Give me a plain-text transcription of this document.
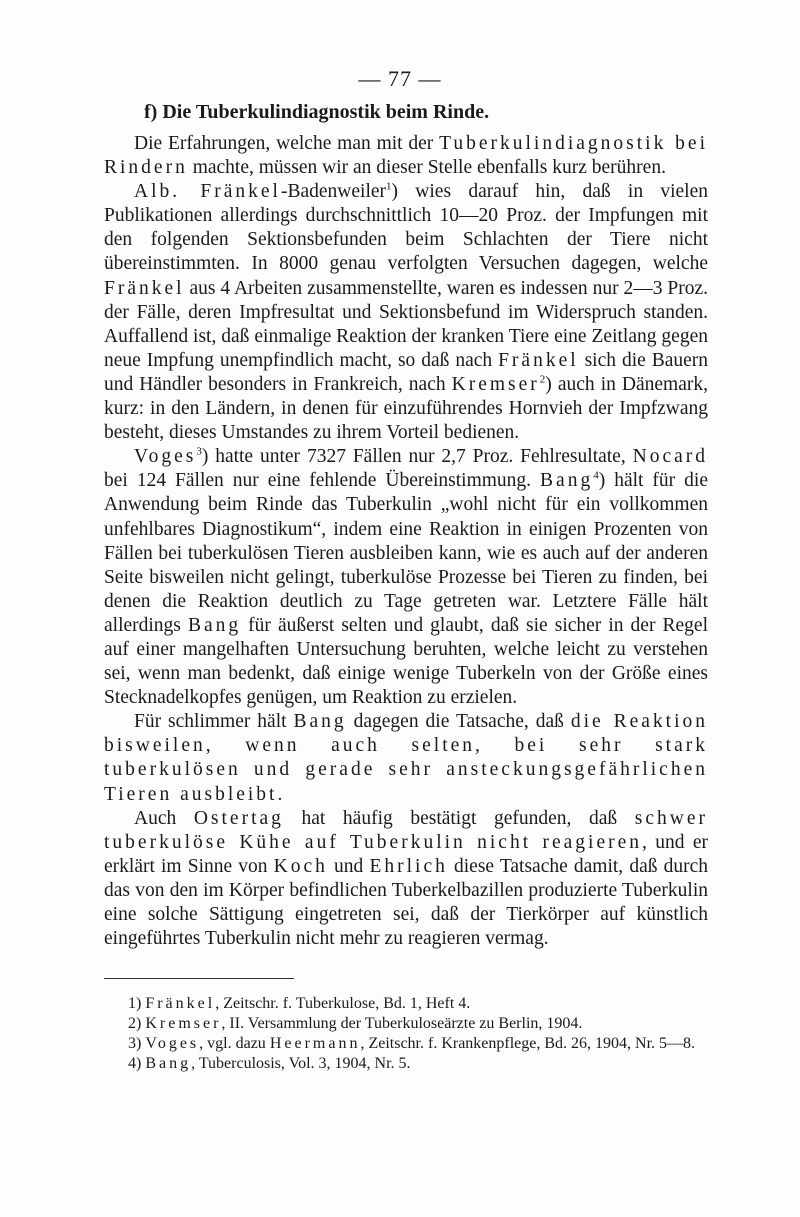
— 77 —
f) Die Tuberkulindiagnostik beim Rinde.

Die Erfahrungen, welche man mit der Tuberkulindiagnostik bei Rindern machte, müssen wir an dieser Stelle ebenfalls kurz berühren.

Alb. Fränkel-Badenweiler$^1$) wies darauf hin, daß in vielen Publikationen allerdings durchschnittlich 10—20 Proz. der Impfungen mit den folgenden Sektionsbefunden beim Schlachten der Tiere nicht übereinstimmten. In 8000 genau verfolgten Versuchen dagegen, welche Fränkel aus 4 Arbeiten zusammenstellte, waren es indessen nur 2—3 Proz. der Fälle, deren Impfresultat und Sektionsbefund im Widerspruch standen. Auffallend ist, daß einmalige Reaktion der kranken Tiere eine Zeitlang gegen neue Impfung unempfindlich macht, so daß nach Fränkel sich die Bauern und Händler besonders in Frankreich, nach Kremser$^2$) auch in Dänemark, kurz: in den Ländern, in denen für einzuführendes Hornvieh der Impfzwang besteht, dieses Umstandes zu ihrem Vorteil bedienen.

Voges$^3$) hatte unter 7327 Fällen nur 2,7 Proz. Fehlresultate, Nocard bei 124 Fällen nur eine fehlende Übereinstimmung. Bang$^4$) hält für die Anwendung beim Rinde das Tuberkulin „wohl nicht für ein vollkommen unfehlbares Diagnostikum“, indem eine Reaktion in einigen Prozenten von Fällen bei tuberkulösen Tieren ausbleiben kann, wie es auch auf der anderen Seite bisweilen nicht gelingt, tuberkulöse Prozesse bei Tieren zu finden, bei denen die Reaktion deutlich zu Tage getreten war. Letztere Fälle hält allerdings Bang für äußerst selten und glaubt, daß sie sicher in der Regel auf einer mangelhaften Untersuchung beruhten, welche leicht zu verstehen sei, wenn man bedenkt, daß einige wenige Tuberkeln von der Größe eines Stecknadelkopfes genügen, um Reaktion zu erzielen.

Für schlimmer hält Bang dagegen die Tatsache, daß die Reaktion bisweilen, wenn auch selten, bei sehr stark tuberkulösen und gerade sehr ansteckungsgefährlichen Tieren ausbleibt.

Auch Ostertag hat häufig bestätigt gefunden, daß schwer tuberkulöse Kühe auf Tuberkulin nicht reagieren, und er erklärt im Sinne von Koch und Ehrlich diese Tatsache damit, daß durch das von den im Körper befindlichen Tuberkelbazillen produzierte Tuberkulin eine solche Sättigung eingetreten sei, daß der Tierkörper auf künstlich eingeführtes Tuberkulin nicht mehr zu reagieren vermag.

1) Fränkel, Zeitschr. f. Tuberkulose, Bd. 1, Heft 4.

2) Kremser, II. Versammlung der Tuberkuloseärzte zu Berlin, 1904.

3) Voges, vgl. dazu Heermann, Zeitschr. f. Krankenpflege, Bd. 26, 1904, Nr. 5—8.

4) Bang, Tuberculosis, Vol. 3, 1904, Nr. 5.
